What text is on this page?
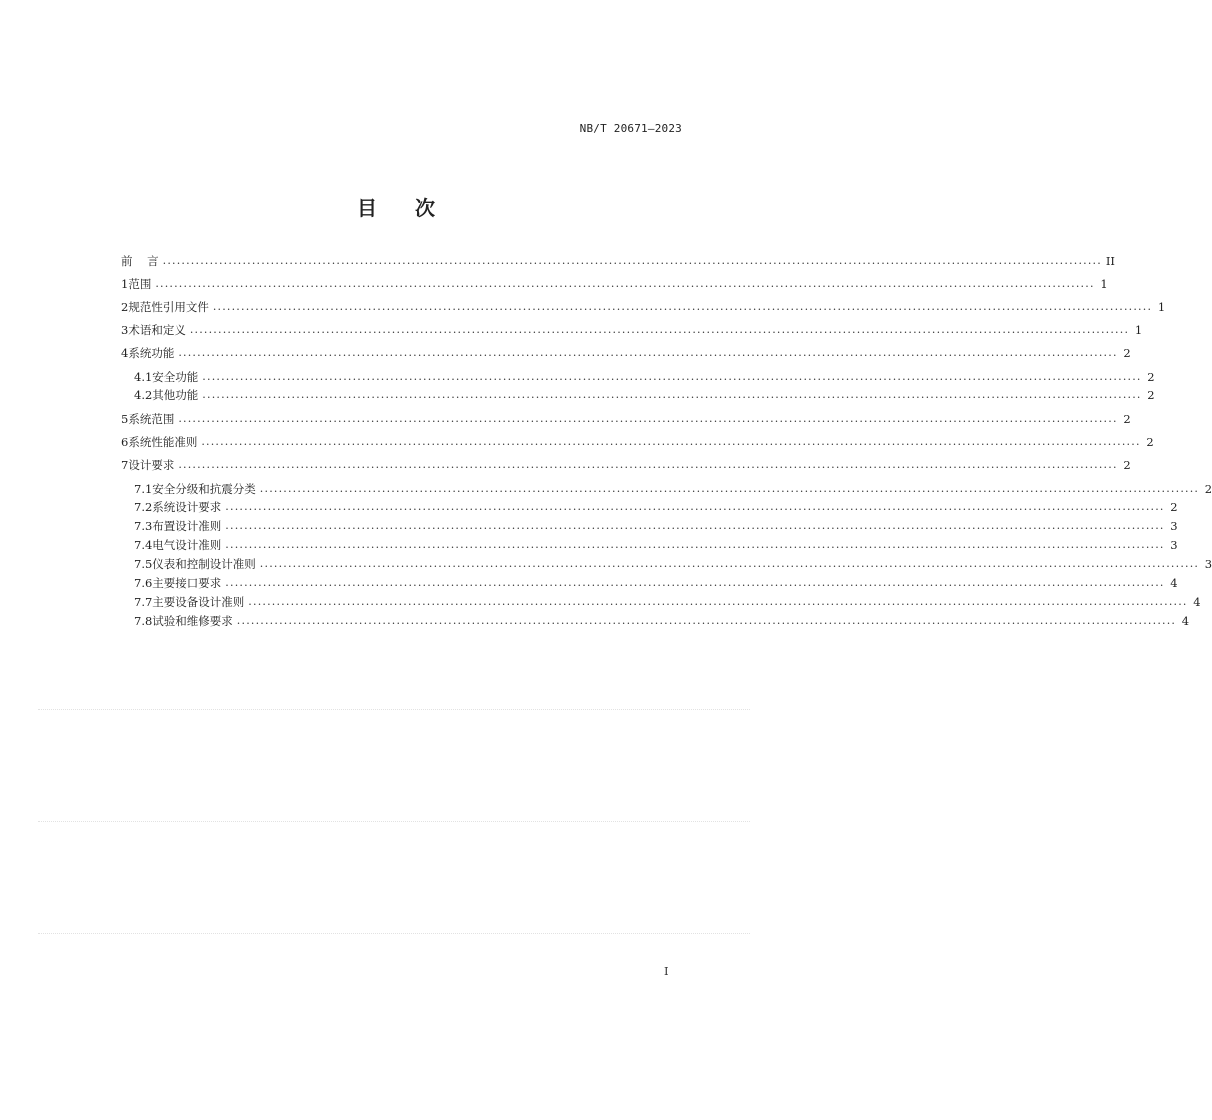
NB/T 20671—2023
目次
前    言 ........................................................................................................................................................................................................ II
1 范围 ........................................................................................................................................................................................................ 1
2 规范性引用文件 ........................................................................................................................................................................................................ 1
3 术语和定义 ........................................................................................................................................................................................................ 1
4 系统功能 ........................................................................................................................................................................................................ 2
4.1 安全功能 ........................................................................................................................................................................................................ 2
4.2 其他功能 ........................................................................................................................................................................................................ 2
5 系统范围 ........................................................................................................................................................................................................ 2
6 系统性能准则 ........................................................................................................................................................................................................ 2
7 设计要求 ........................................................................................................................................................................................................ 2
7.1 安全分级和抗震分类 ........................................................................................................................................................................................................ 2
7.2 系统设计要求 ........................................................................................................................................................................................................ 2
7.3 布置设计准则 ........................................................................................................................................................................................................ 3
7.4 电气设计准则 ........................................................................................................................................................................................................ 3
7.5 仪表和控制设计准则 ........................................................................................................................................................................................................ 3
7.6 主要接口要求 ........................................................................................................................................................................................................ 4
7.7 主要设备设计准则 ........................................................................................................................................................................................................ 4
7.8 试验和维修要求 ........................................................................................................................................................................................................ 4
I
